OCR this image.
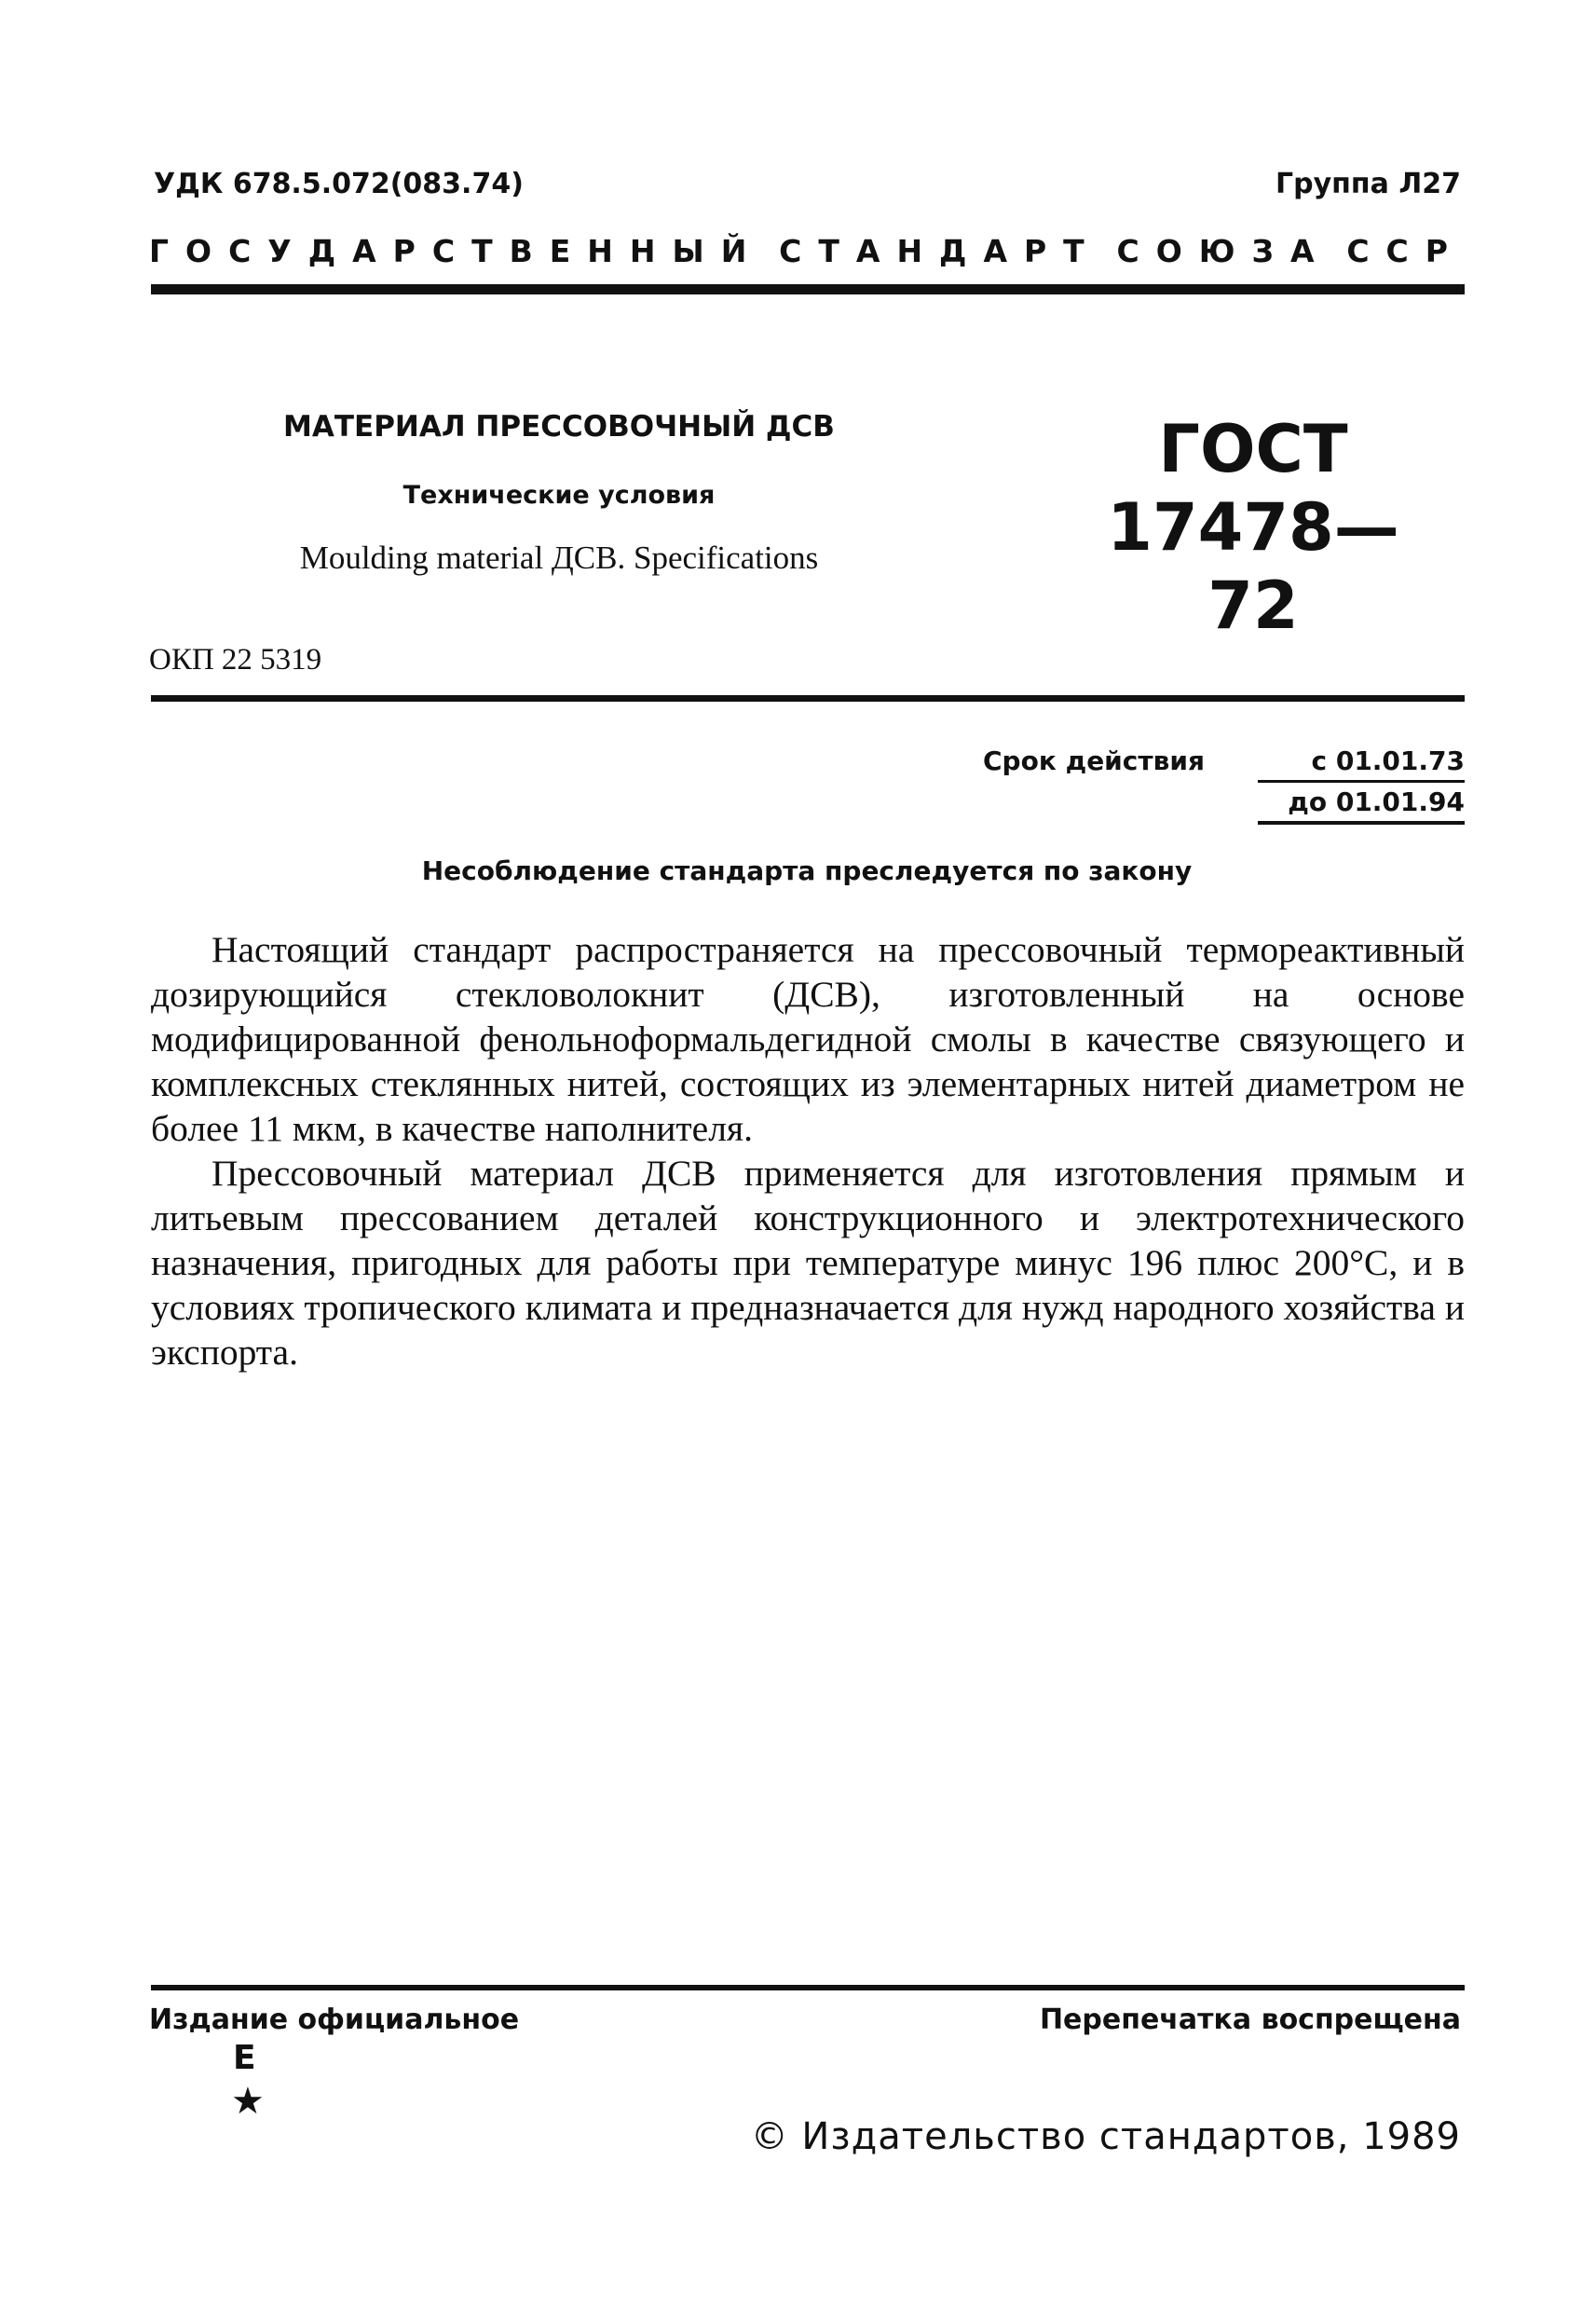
УДК 678.5.072(083.74)	Группа Л27
ГОСУДАРСТВЕННЫЙ СТАНДАРТ СОЮЗА ССР
МАТЕРИАЛ ПРЕССОВОЧНЫЙ ДСВ
Технические условия
Moulding material ДСВ. Specifications
ГОСТ
17478—72
ОКП 22 5319
Срок действия	с 01.01.73
до 01.01.94
Несоблюдение стандарта преследуется по закону

Настоящий стандарт распространяется на прессовочный термореактивный дозирующийся стекловолокнит (ДСВ), изготовленный на основе модифицированной фенольноформальдегидной смолы в качестве связующего и комплексных стеклянных нитей, состоящих из элементарных нитей диаметром не более 11 мкм, в качестве наполнителя.

Прессовочный материал ДСВ применяется для изготовления прямым и литьевым прессованием деталей конструкционного и электротехнического назначения, пригодных для работы при температуре минус 196 плюс 200°С, и в условиях тропического климата и предназначается для нужд народного хозяйства и экспорта.

Издание официальное	Перепечатка воспрещена
Е
★
© Издательство стандартов, 1989
